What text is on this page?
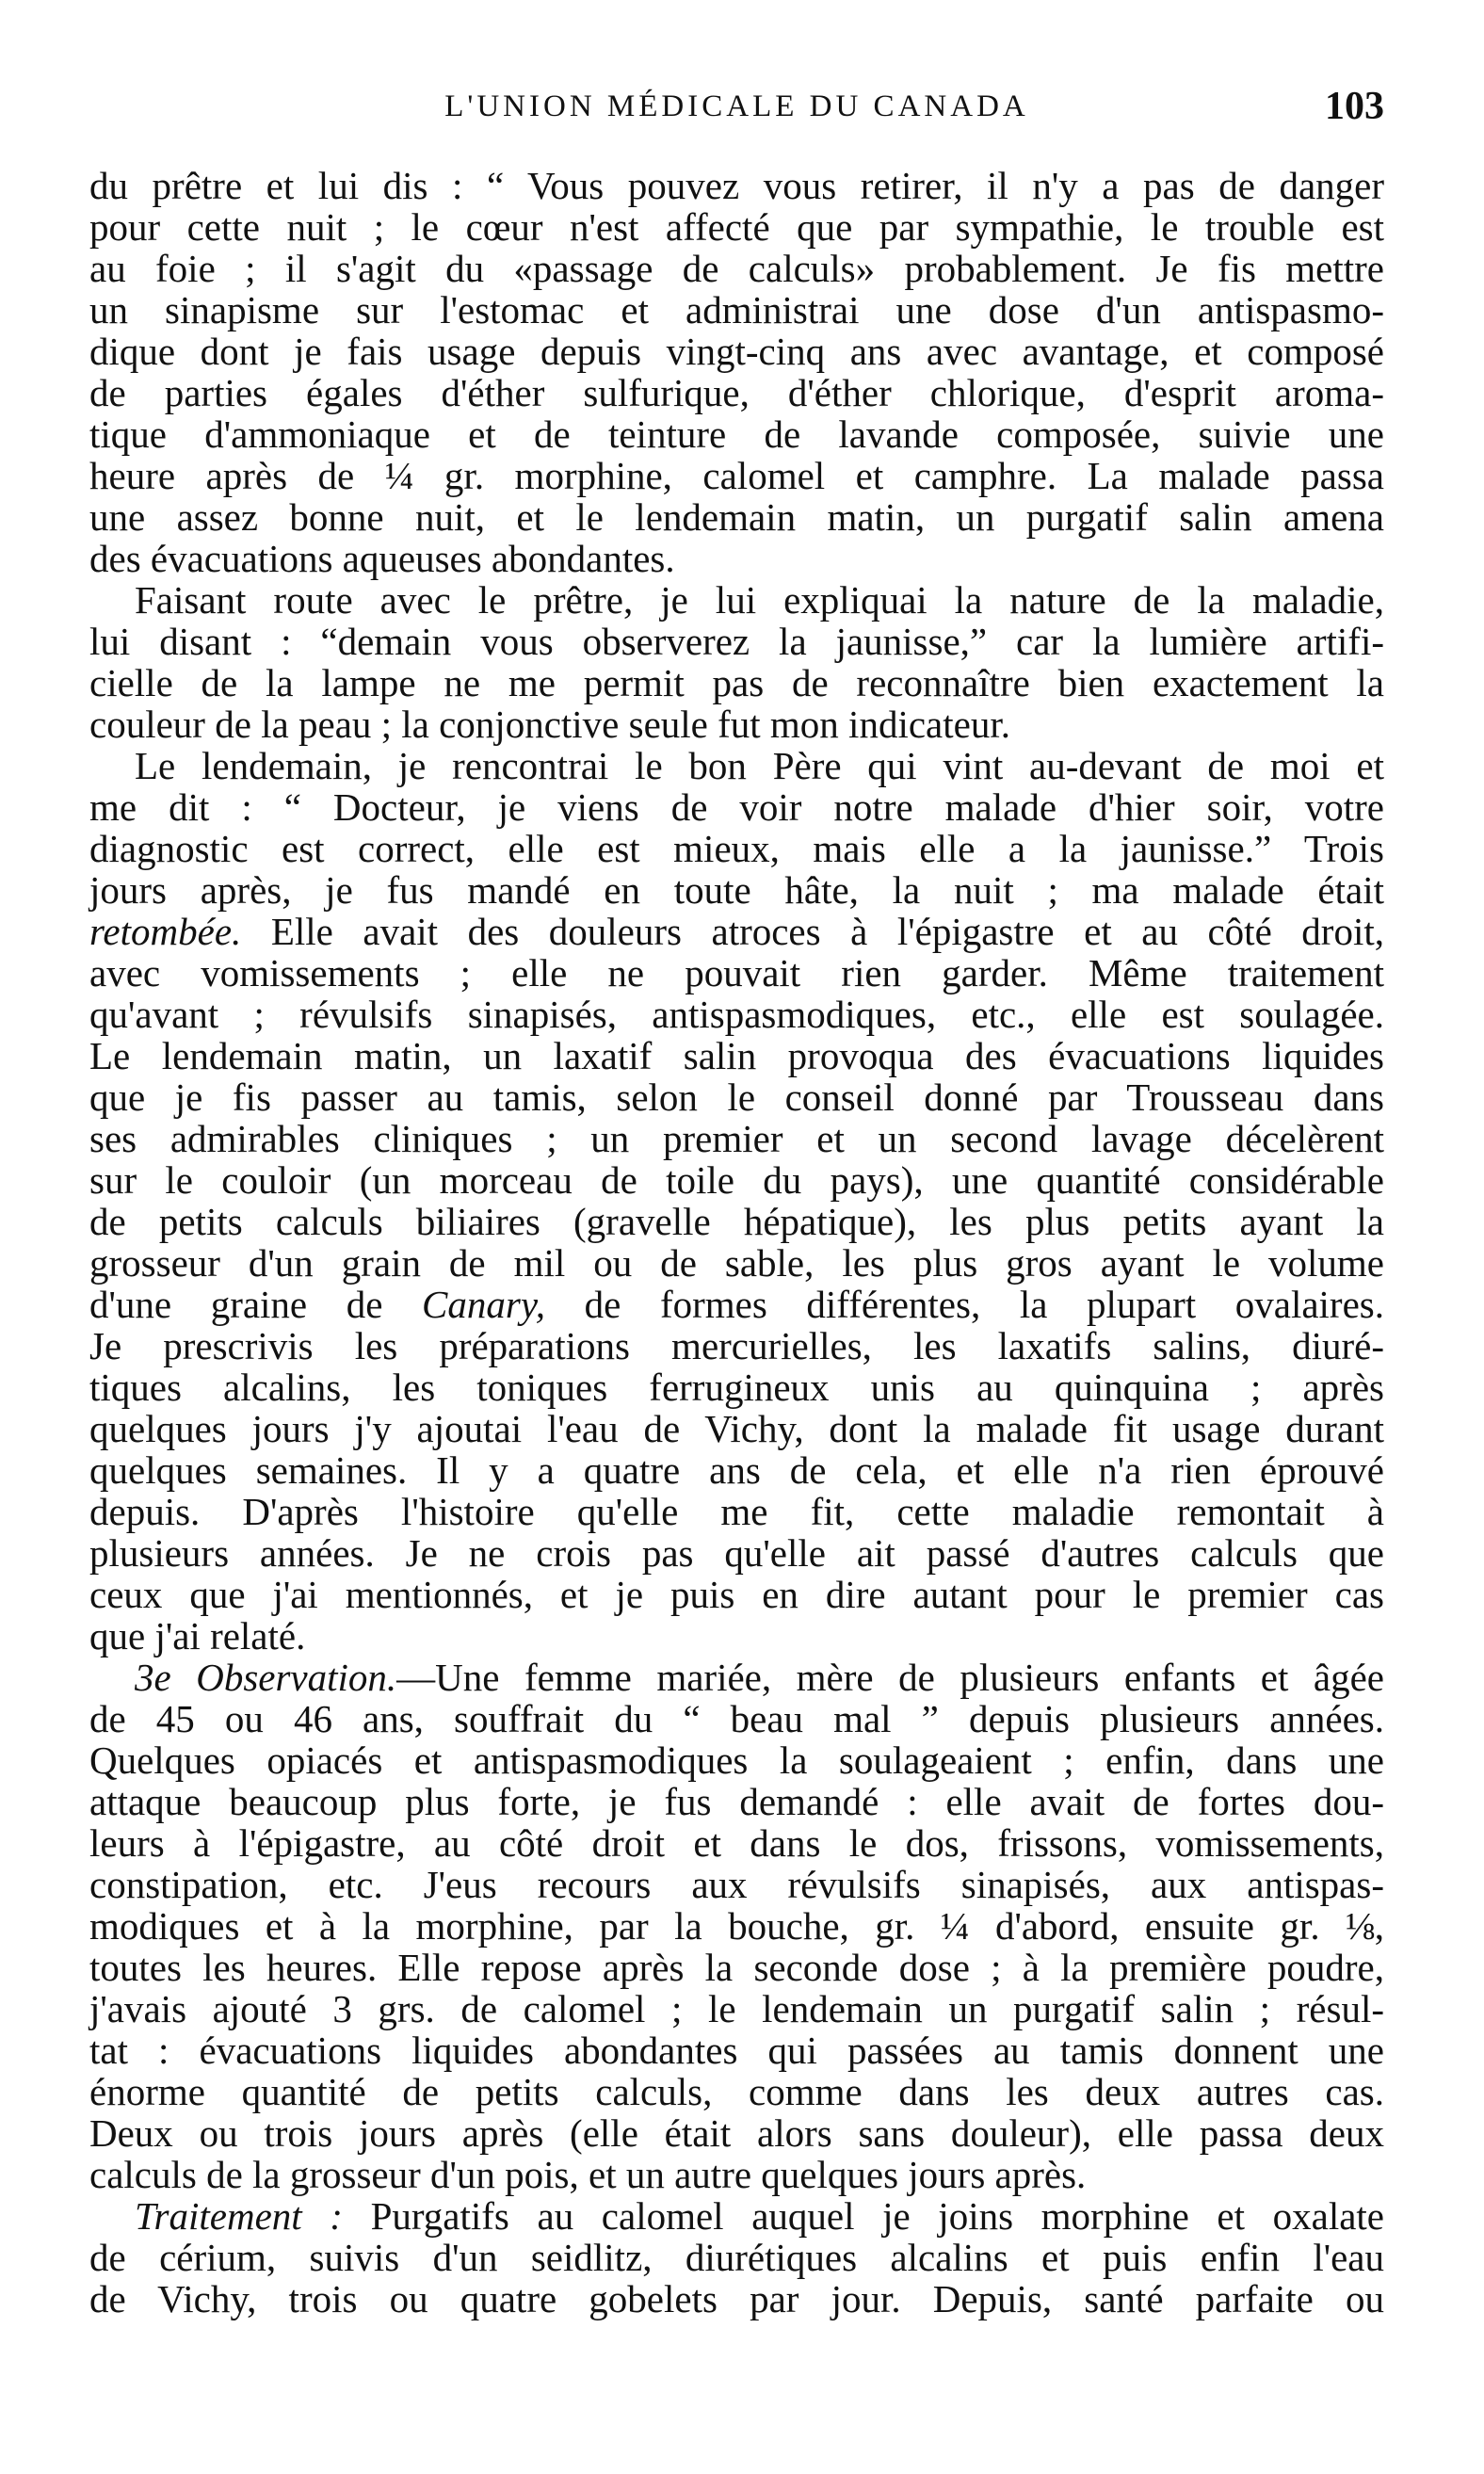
L'UNION MÉDICALE DU CANADA	103
du prêtre et lui dis : “ Vous pouvez vous retirer, il n'y a pas de danger
pour cette nuit ; le cœur n'est affecté que par sympathie, le trouble est
au foie ; il s'agit du «passage de calculs» probablement. Je fis mettre
un sinapisme sur l'estomac et administrai une dose d'un antispasmo-
dique dont je fais usage depuis vingt-cinq ans avec avantage, et composé
de parties égales d'éther sulfurique, d'éther chlorique, d'esprit aroma-
tique d'ammoniaque et de teinture de lavande composée, suivie une
heure après de ¼ gr. morphine, calomel et camphre. La malade passa
une assez bonne nuit, et le lendemain matin, un purgatif salin amena
des évacuations aqueuses abondantes.
Faisant route avec le prêtre, je lui expliquai la nature de la maladie,
lui disant : “demain vous observerez la jaunisse,” car la lumière artifi-
cielle de la lampe ne me permit pas de reconnaître bien exactement la
couleur de la peau ; la conjonctive seule fut mon indicateur.
Le lendemain, je rencontrai le bon Père qui vint au-devant de moi et
me dit : “ Docteur, je viens de voir notre malade d'hier soir, votre
diagnostic est correct, elle est mieux, mais elle a la jaunisse.” Trois
jours après, je fus mandé en toute hâte, la nuit ; ma malade était
retombée. Elle avait des douleurs atroces à l'épigastre et au côté droit,
avec vomissements ; elle ne pouvait rien garder. Même traitement
qu'avant ; révulsifs sinapisés, antispasmodiques, etc., elle est soulagée.
Le lendemain matin, un laxatif salin provoqua des évacuations liquides
que je fis passer au tamis, selon le conseil donné par Trousseau dans
ses admirables cliniques ; un premier et un second lavage décelèrent
sur le couloir (un morceau de toile du pays), une quantité considérable
de petits calculs biliaires (gravelle hépatique), les plus petits ayant la
grosseur d'un grain de mil ou de sable, les plus gros ayant le volume
d'une graine de Canary, de formes différentes, la plupart ovalaires.
Je prescrivis les préparations mercurielles, les laxatifs salins, diuré-
tiques alcalins, les toniques ferrugineux unis au quinquina ; après
quelques jours j'y ajoutai l'eau de Vichy, dont la malade fit usage durant
quelques semaines. Il y a quatre ans de cela, et elle n'a rien éprouvé
depuis. D'après l'histoire qu'elle me fit, cette maladie remontait à
plusieurs années. Je ne crois pas qu'elle ait passé d'autres calculs que
ceux que j'ai mentionnés, et je puis en dire autant pour le premier cas
que j'ai relaté.
3e Observation.—Une femme mariée, mère de plusieurs enfants et âgée
de 45 ou 46 ans, souffrait du “ beau mal ” depuis plusieurs années.
Quelques opiacés et antispasmodiques la soulageaient ; enfin, dans une
attaque beaucoup plus forte, je fus demandé : elle avait de fortes dou-
leurs à l'épigastre, au côté droit et dans le dos, frissons, vomissements,
constipation, etc. J'eus recours aux révulsifs sinapisés, aux antispas-
modiques et à la morphine, par la bouche, gr. ¼ d'abord, ensuite gr. ⅛,
toutes les heures. Elle repose après la seconde dose ; à la première poudre,
j'avais ajouté 3 grs. de calomel ; le lendemain un purgatif salin ; résul-
tat : évacuations liquides abondantes qui passées au tamis donnent une
énorme quantité de petits calculs, comme dans les deux autres cas.
Deux ou trois jours après (elle était alors sans douleur), elle passa deux
calculs de la grosseur d'un pois, et un autre quelques jours après.
Traitement : Purgatifs au calomel auquel je joins morphine et oxalate
de cérium, suivis d'un seidlitz, diurétiques alcalins et puis enfin l'eau
de Vichy, trois ou quatre gobelets par jour. Depuis, santé parfaite ou
